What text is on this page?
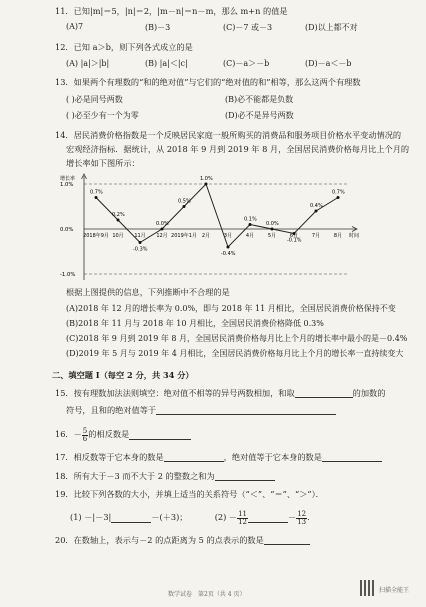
11．已知|m|＝5，|n|＝2，|m－n|＝n－m，那么 m+n 的值是
(A)7	(B)－3	(C)－7 或－3	(D)以上都不对
12．已知 a＞b，则下列各式成立的是
(A) |a|＞|b|	(B) |a|＜|c|	(C)－a＞－b	(D)－a＜－b
13．如果两个有理数的“和的绝对值”与它们的“绝对值的和”相等，那么这两个有理数
( )必是同号两数	(B)必不能都是负数
( )必至少有一个为零	(D)必不是异号两数
14．居民消费价格指数是一个反映居民家庭一般所购买的消费品和服务项目价格水平变动情况的
宏观经济指标．据统计，从 2018 年 9 月到 2019 年 8 月，全国居民消费价格每月比上个月的
增长率如下图所示：
增长率
时间
1.0%
0.0%
-1.0%
0.7%
2018年9月
0.2%
10月
-0.3%
11月
0.0%
12月
0.5%
2019年1月
1.0%
2月
-0.4%
3月
0.1%
4月
0.0%
5月
-0.1%
6月
0.4%
7月
0.7%
8月
根据上图提供的信息，下列推断中不合理的是
(A)2018 年 12 月的增长率为 0.0%，即与 2018 年 11 月相比，全国居民消费价格保持不变
(B)2018 年 11 月与 2018 年 10 月相比，全国居民消费价格降低 0.3%
(C)2018 年 9 月到 2019 年 8 月，全国居民消费价格每月比上个月的增长率中最小的是－0.4%
(D)2019 年 5 月与 2019 年 4 月相比，全国居民消费价格每月比上个月的增长率一直持续变大
二、填空题 I（每空 2 分，共 34 分）
15．按有理数加法法则填空：绝对值不相等的异号两数相加，和取	的加数的
符号，且和的绝对值等于
16．－ $\frac{5}{6}$ 的相反数是
17．相反数等于它本身的数是	，绝对值等于它本身的数是
18．所有大于－3 而不大于 2 的整数之和为
19．比较下列各数的大小，并填上适当的关系符号（“＜”、“＝”、“＞”）．
(1) －|－3|	－(＋3)；	$(2) - \frac{11}{12}$	－ $\frac{12}{13}$ ．
20．在数轴上，表示与－2 的点距离为 5 的点表示的数是
数学试卷　第2页（共 4 页）
扫描全能王
